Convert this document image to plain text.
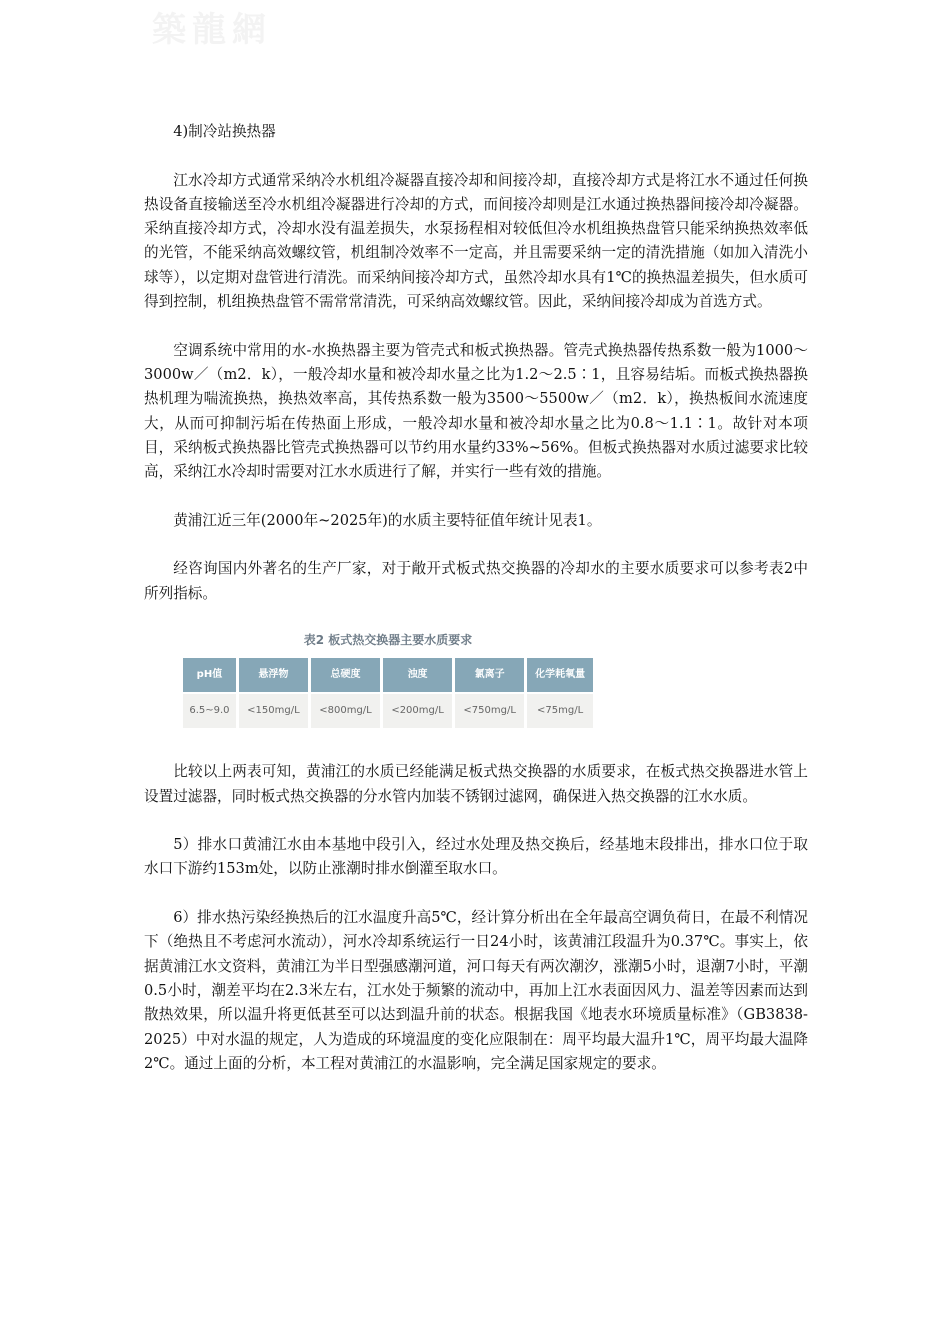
築龍網

4)制冷站换热器

江水冷却方式通常采纳冷水机组冷凝器直接冷却和间接冷却，直接冷却方式是将江水不通过任何换热设备直接输送至冷水机组冷凝器进行冷却的方式，而间接冷却则是江水通过换热器间接冷却冷凝器。采纳直接冷却方式，冷却水没有温差损失，水泵扬程相对较低但冷水机组换热盘管只能采纳换热效率低的光管，不能采纳高效螺纹管，机组制冷效率不一定高，并且需要采纳一定的清洗措施（如加入清洗小球等），以定期对盘管进行清洗。而采纳间接冷却方式，虽然冷却水具有1℃的换热温差损失，但水质可得到控制，机组换热盘管不需常常清洗，可采纳高效螺纹管。因此，采纳间接冷却成为首选方式。

空调系统中常用的水-水换热器主要为管壳式和板式换热器。管壳式换热器传热系数一般为1000～3000w／（m2．k），一般冷却水量和被冷却水量之比为1.2～2.5∶1，且容易结垢。而板式换热器换热机理为喘流换热，换热效率高，其传热系数一般为3500～5500w／（m2．k），换热板间水流速度大，从而可抑制污垢在传热面上形成，一般冷却水量和被冷却水量之比为0.8～1.1∶1。故针对本项目，采纳板式换热器比管壳式换热器可以节约用水量约33%~56%。但板式换热器对水质过滤要求比较高，采纳江水冷却时需要对江水水质进行了解，并实行一些有效的措施。

黄浦江近三年(2000年~2025年)的水质主要特征值年统计见表1。

经咨询国内外著名的生产厂家，对于敞开式板式热交换器的冷却水的主要水质要求可以参考表2中所列指标。

表2 板式热交换器主要水质要求
pH值	悬浮物	总硬度	浊度	氯离子	化学耗氧量
6.5~9.0	<150mg/L	<800mg/L	<200mg/L	<750mg/L	<75mg/L

比较以上两表可知，黄浦江的水质已经能满足板式热交换器的水质要求，在板式热交换器进水管上设置过滤器，同时板式热交换器的分水管内加装不锈钢过滤网，确保进入热交换器的江水水质。

5）排水口黄浦江水由本基地中段引入，经过水处理及热交换后，经基地末段排出，排水口位于取水口下游约153m处，以防止涨潮时排水倒灌至取水口。

6）排水热污染经换热后的江水温度升高5℃，经计算分析出在全年最高空调负荷日，在最不利情况下（绝热且不考虑河水流动），河水冷却系统运行一日24小时，该黄浦江段温升为0.37℃。事实上，依据黄浦江水文资料，黄浦江为半日型强感潮河道，河口每天有两次潮汐，涨潮5小时，退潮7小时，平潮0.5小时，潮差平均在2.3米左右，江水处于频繁的流动中，再加上江水表面因风力、温差等因素而达到散热效果，所以温升将更低甚至可以达到温升前的状态。根据我国《地表水环境质量标准》（GB3838-2025）中对水温的规定，人为造成的环境温度的变化应限制在：周平均最大温升1℃，周平均最大温降2℃。通过上面的分析，本工程对黄浦江的水温影响，完全满足国家规定的要求。
